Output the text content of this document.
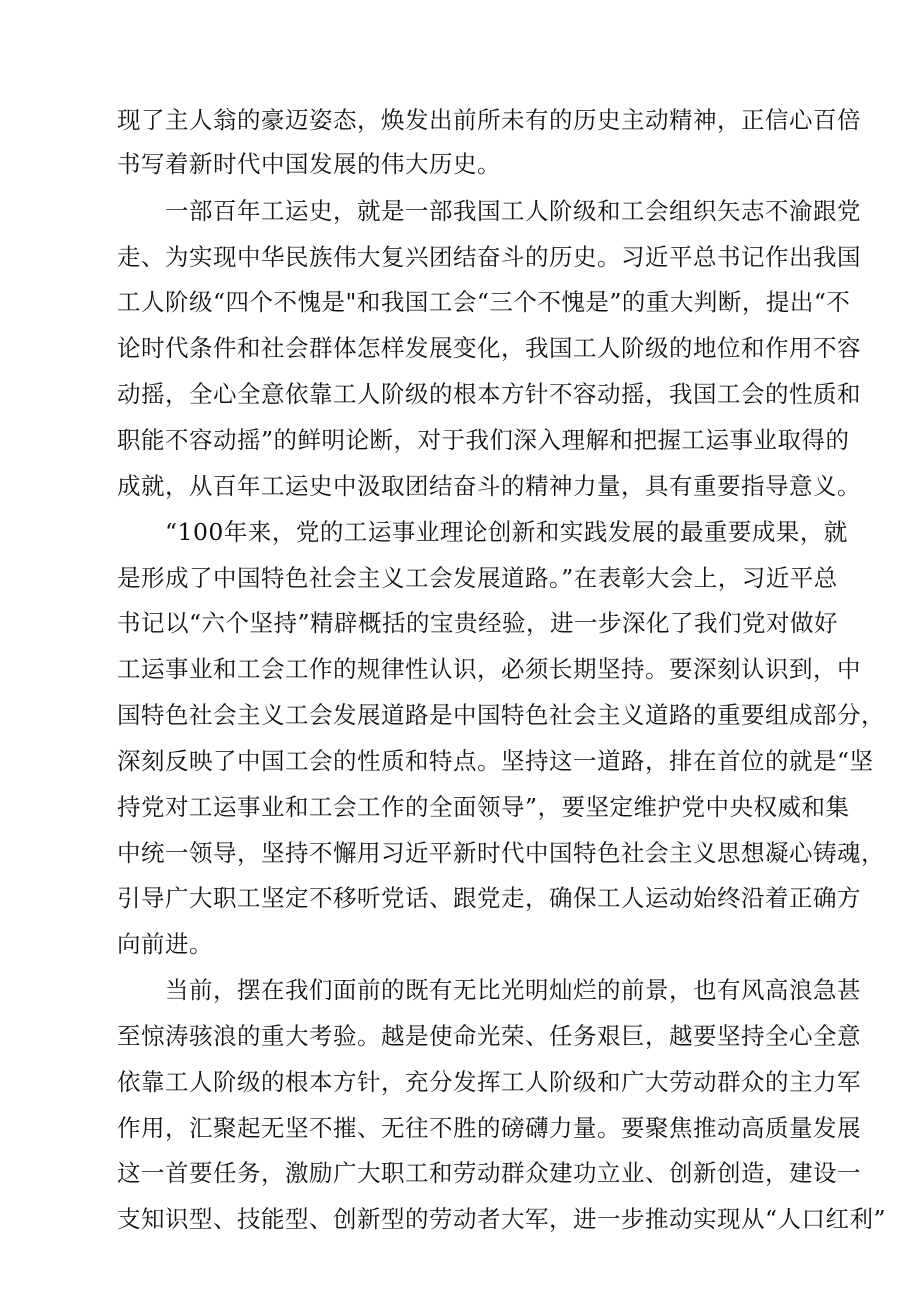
现了主人翁的豪迈姿态，焕发出前所未有的历史主动精神，正信心百倍
书写着新时代中国发展的伟大历史。
一部百年工运史，就是一部我国工人阶级和工会组织矢志不渝跟党
走、为实现中华民族伟大复兴团结奋斗的历史。习近平总书记作出我国
工人阶级“四个不愧是"和我国工会“三个不愧是”的重大判断，提出“不
论时代条件和社会群体怎样发展变化，我国工人阶级的地位和作用不容
动摇，全心全意依靠工人阶级的根本方针不容动摇，我国工会的性质和
职能不容动摇”的鲜明论断，对于我们深入理解和把握工运事业取得的
成就，从百年工运史中汲取团结奋斗的精神力量，具有重要指导意义。
“100年来，党的工运事业理论创新和实践发展的最重要成果，就
是形成了中国特色社会主义工会发展道路。”在表彰大会上，习近平总
书记以“六个坚持”精辟概括的宝贵经验，进一步深化了我们党对做好
工运事业和工会工作的规律性认识，必须长期坚持。要深刻认识到，中
国特色社会主义工会发展道路是中国特色社会主义道路的重要组成部分，
深刻反映了中国工会的性质和特点。坚持这一道路，排在首位的就是“坚
持党对工运事业和工会工作的全面领导”，要坚定维护党中央权威和集
中统一领导，坚持不懈用习近平新时代中国特色社会主义思想凝心铸魂，
引导广大职工坚定不移听党话、跟党走，确保工人运动始终沿着正确方
向前进。
当前，摆在我们面前的既有无比光明灿烂的前景，也有风高浪急甚
至惊涛骇浪的重大考验。越是使命光荣、任务艰巨，越要坚持全心全意
依靠工人阶级的根本方针，充分发挥工人阶级和广大劳动群众的主力军
作用，汇聚起无坚不摧、无往不胜的磅礴力量。要聚焦推动高质量发展
这一首要任务，激励广大职工和劳动群众建功立业、创新创造，建设一
支知识型、技能型、创新型的劳动者大军，进一步推动实现从“人口红利”
